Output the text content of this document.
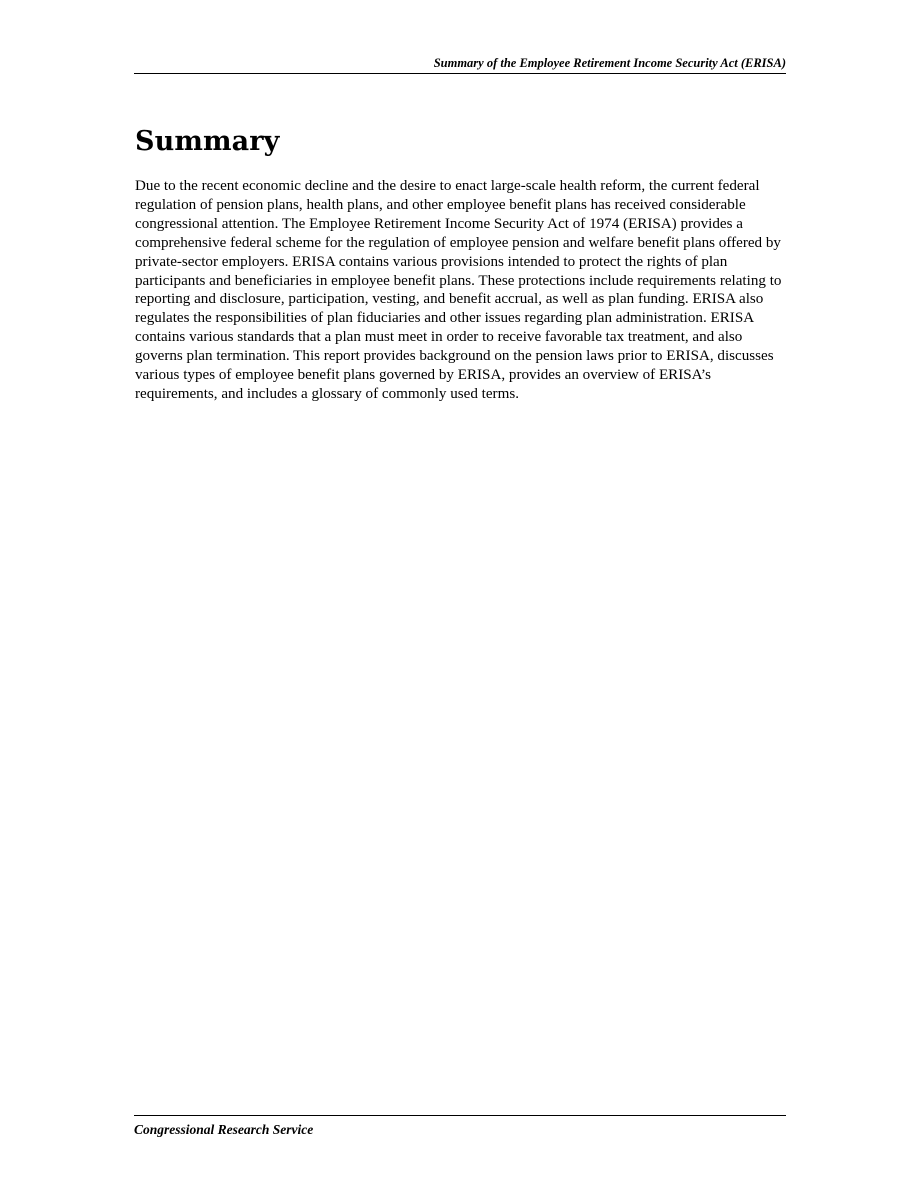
Summary of the Employee Retirement Income Security Act (ERISA)
Summary

Due to the recent economic decline and the desire to enact large-scale health reform, the current federal regulation of pension plans, health plans, and other employee benefit plans has received considerable congressional attention. The Employee Retirement Income Security Act of 1974 (ERISA) provides a comprehensive federal scheme for the regulation of employee pension and welfare benefit plans offered by private-sector employers. ERISA contains various provisions intended to protect the rights of plan participants and beneficiaries in employee benefit plans. These protections include requirements relating to reporting and disclosure, participation, vesting, and benefit accrual, as well as plan funding. ERISA also regulates the responsibilities of plan fiduciaries and other issues regarding plan administration. ERISA contains various standards that a plan must meet in order to receive favorable tax treatment, and also governs plan termination. This report provides background on the pension laws prior to ERISA, discusses various types of employee benefit plans governed by ERISA, provides an overview of ERISA’s requirements, and includes a glossary of commonly used terms.

Congressional Research Service
